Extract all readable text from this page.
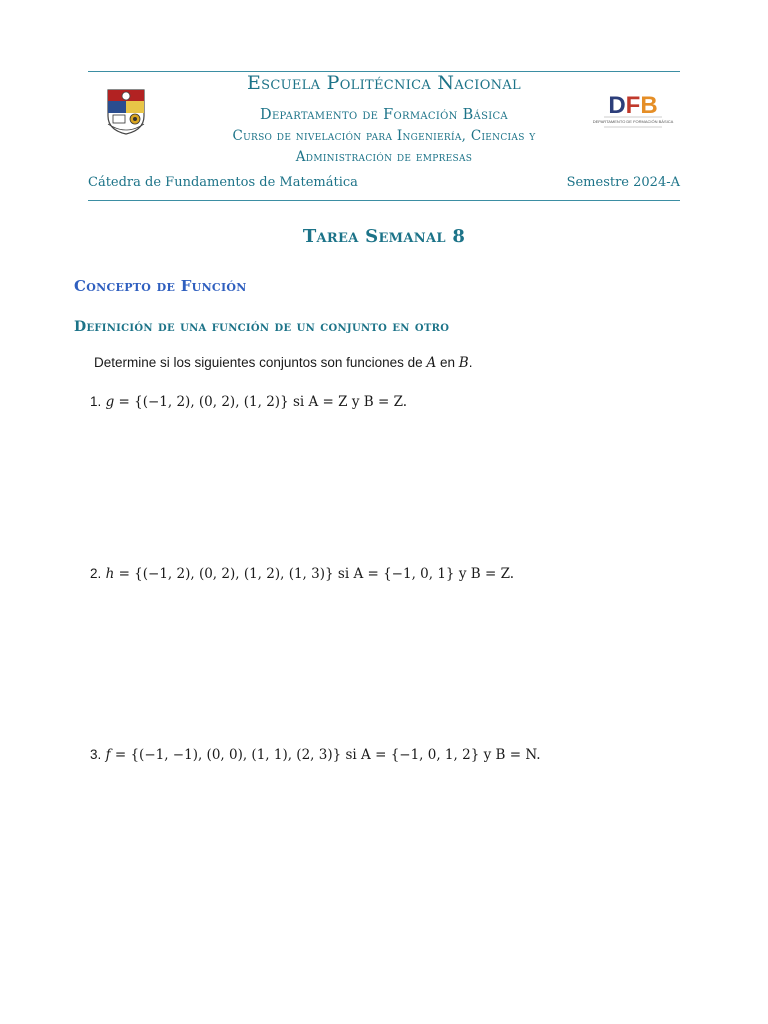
DFB
DEPARTAMENTO DE FORMACIÓN BÁSICA
Escuela Politécnica Nacional
Departamento de Formación Básica
Curso de nivelación para Ingeniería, Ciencias y
Administración de empresas
Cátedra de Fundamentos de Matemática	Semestre 2024-A
Tarea Semanal 8
Concepto de Función
Definición de una función de un conjunto en otro
Determine si los siguientes conjuntos son funciones de A en B.
1. g = {(−1, 2), (0, 2), (1, 2)} si A = Z y B = Z.
2. h = {(−1, 2), (0, 2), (1, 2), (1, 3)} si A = {−1, 0, 1} y B = Z.
3. f = {(−1, −1), (0, 0), (1, 1), (2, 3)} si A = {−1, 0, 1, 2} y B = N.
